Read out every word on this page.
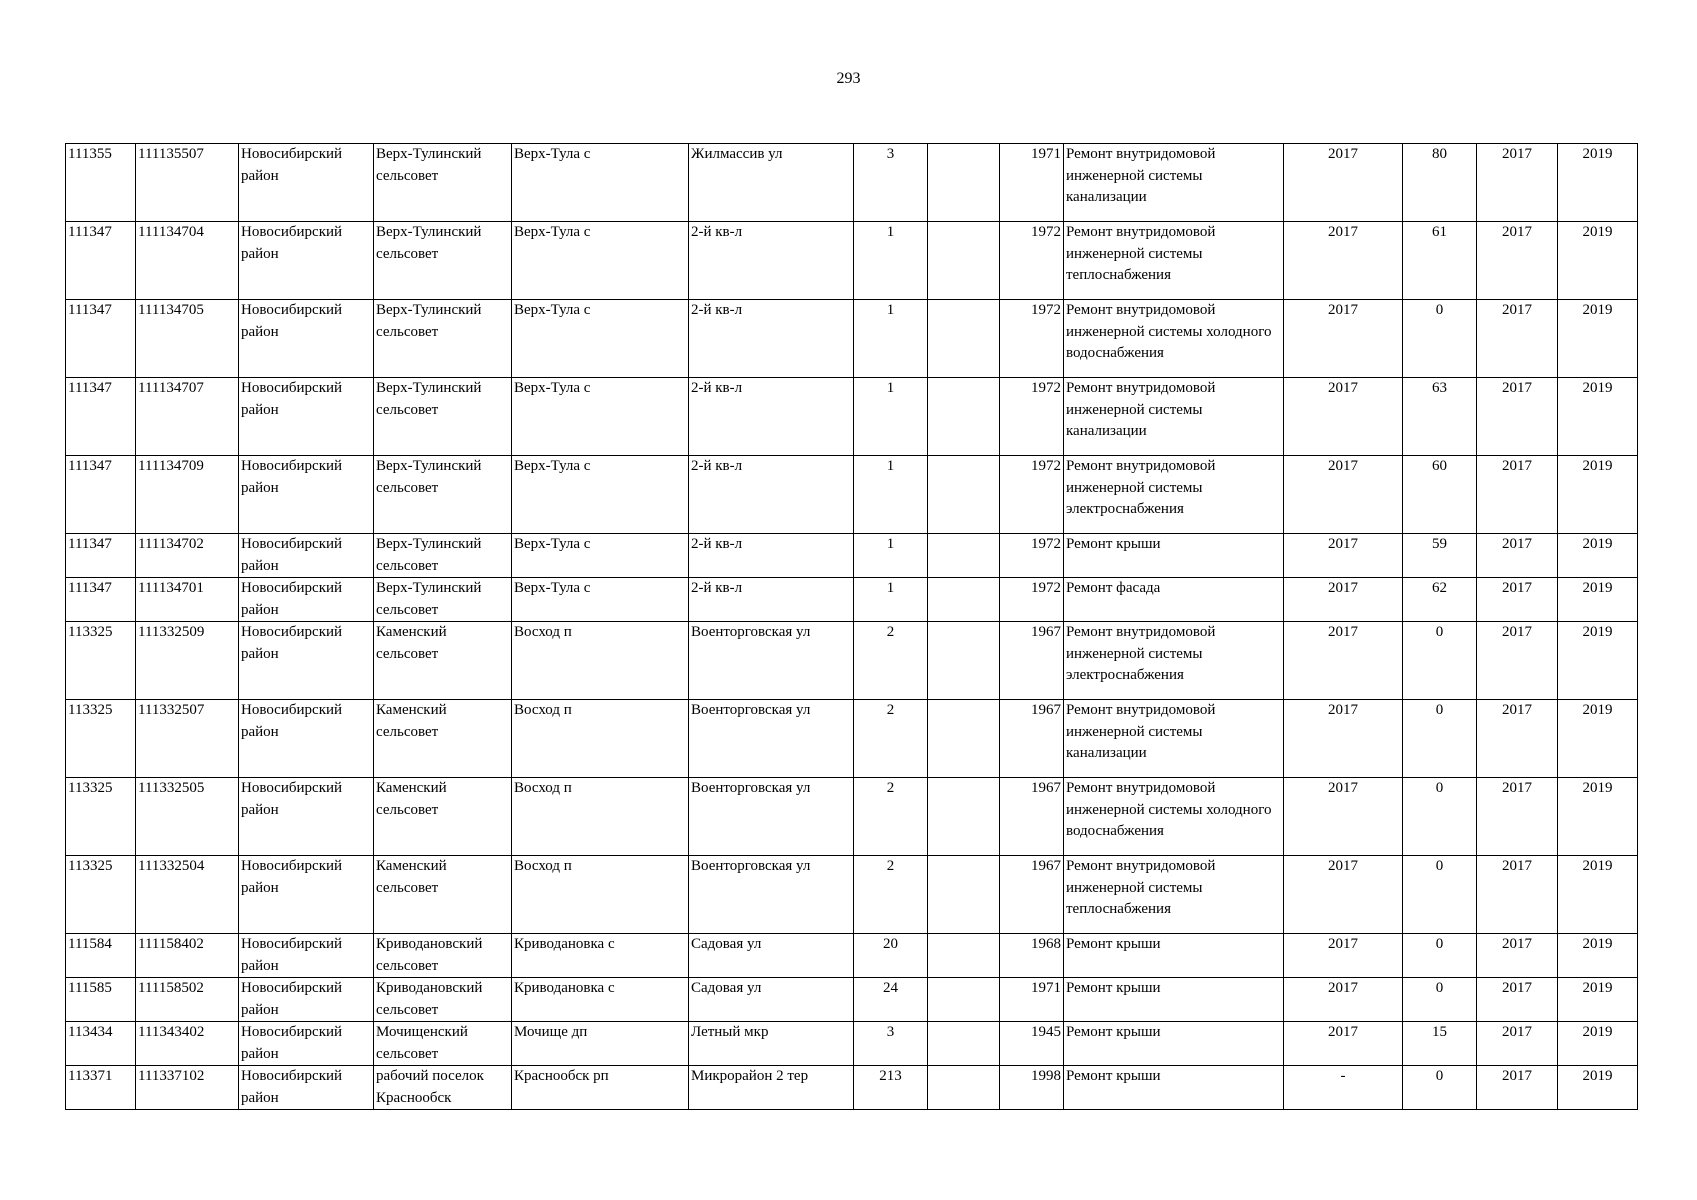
293
111355	111135507	Новосибирский район	Верх-Тулинский сельсовет	Верх-Тула с	Жилмассив ул	3		1971	Ремонт внутридомовой инженерной системы канализации	2017	80	2017	2019
111347	111134704	Новосибирский район	Верх-Тулинский сельсовет	Верх-Тула с	2-й кв-л	1		1972	Ремонт внутридомовой инженерной системы теплоснабжения	2017	61	2017	2019
111347	111134705	Новосибирский район	Верх-Тулинский сельсовет	Верх-Тула с	2-й кв-л	1		1972	Ремонт внутридомовой инженерной системы холодного водоснабжения	2017	0	2017	2019
111347	111134707	Новосибирский район	Верх-Тулинский сельсовет	Верх-Тула с	2-й кв-л	1		1972	Ремонт внутридомовой инженерной системы канализации	2017	63	2017	2019
111347	111134709	Новосибирский район	Верх-Тулинский сельсовет	Верх-Тула с	2-й кв-л	1		1972	Ремонт внутридомовой инженерной системы электроснабжения	2017	60	2017	2019
111347	111134702	Новосибирский район	Верх-Тулинский сельсовет	Верх-Тула с	2-й кв-л	1		1972	Ремонт крыши	2017	59	2017	2019
111347	111134701	Новосибирский район	Верх-Тулинский сельсовет	Верх-Тула с	2-й кв-л	1		1972	Ремонт фасада	2017	62	2017	2019
113325	111332509	Новосибирский район	Каменский сельсовет	Восход п	Военторговская ул	2		1967	Ремонт внутридомовой инженерной системы электроснабжения	2017	0	2017	2019
113325	111332507	Новосибирский район	Каменский сельсовет	Восход п	Военторговская ул	2		1967	Ремонт внутридомовой инженерной системы канализации	2017	0	2017	2019
113325	111332505	Новосибирский район	Каменский сельсовет	Восход п	Военторговская ул	2		1967	Ремонт внутридомовой инженерной системы холодного водоснабжения	2017	0	2017	2019
113325	111332504	Новосибирский район	Каменский сельсовет	Восход п	Военторговская ул	2		1967	Ремонт внутридомовой инженерной системы теплоснабжения	2017	0	2017	2019
111584	111158402	Новосибирский район	Криводановский сельсовет	Криводановка с	Садовая ул	20		1968	Ремонт крыши	2017	0	2017	2019
111585	111158502	Новосибирский район	Криводановский сельсовет	Криводановка с	Садовая ул	24		1971	Ремонт крыши	2017	0	2017	2019
113434	111343402	Новосибирский район	Мочищенский сельсовет	Мочище дп	Летный мкр	3		1945	Ремонт крыши	2017	15	2017	2019
113371	111337102	Новосибирский район	рабочий поселок Краснообск	Краснообск рп	Микрорайон 2 тер	213		1998	Ремонт крыши	-	0	2017	2019
